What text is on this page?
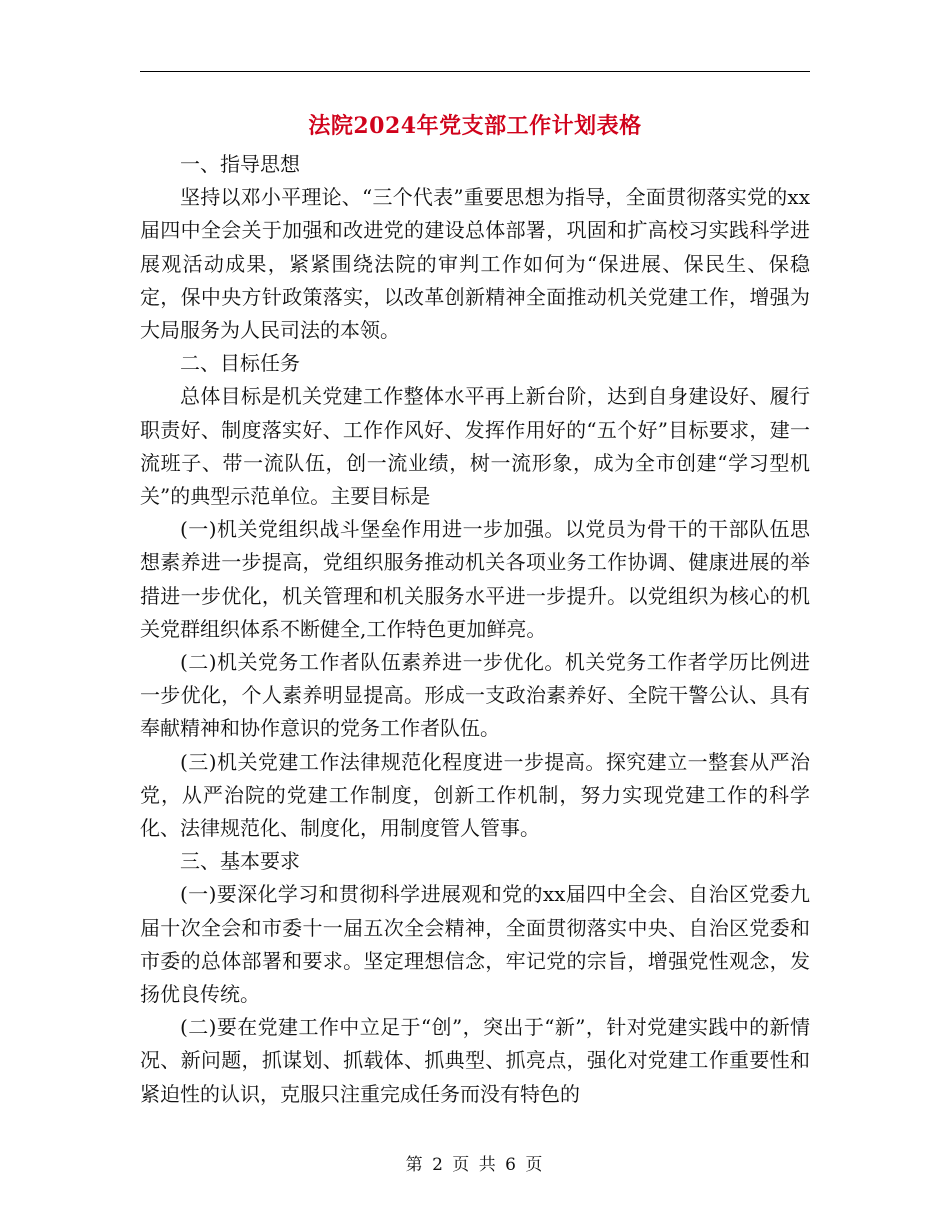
法院2024年党支部工作计划表格

一、指导思想

坚持以邓小平理论、“三个代表”重要思想为指导，全面贯彻落实党的xx届四中全会关于加强和改进党的建设总体部署，巩固和扩高校习实践科学进展观活动成果，紧紧围绕法院的审判工作如何为“保进展、保民生、保稳定，保中央方针政策落实，以改革创新精神全面推动机关党建工作，增强为大局服务为人民司法的本领。

二、目标任务

总体目标是机关党建工作整体水平再上新台阶，达到自身建设好、履行职责好、制度落实好、工作作风好、发挥作用好的“五个好”目标要求，建一流班子、带一流队伍，创一流业绩，树一流形象，成为全市创建“学习型机关”的典型示范单位。主要目标是

(一)机关党组织战斗堡垒作用进一步加强。以党员为骨干的干部队伍思想素养进一步提高，党组织服务推动机关各项业务工作协调、健康进展的举措进一步优化，机关管理和机关服务水平进一步提升。以党组织为核心的机关党群组织体系不断健全,工作特色更加鲜亮。

(二)机关党务工作者队伍素养进一步优化。机关党务工作者学历比例进一步优化，个人素养明显提高。形成一支政治素养好、全院干警公认、具有奉献精神和协作意识的党务工作者队伍。

(三)机关党建工作法律规范化程度进一步提高。探究建立一整套从严治党，从严治院的党建工作制度，创新工作机制，努力实现党建工作的科学化、法律规范化、制度化，用制度管人管事。

三、基本要求

(一)要深化学习和贯彻科学进展观和党的xx届四中全会、自治区党委九届十次全会和市委十一届五次全会精神，全面贯彻落实中央、自治区党委和市委的总体部署和要求。坚定理想信念，牢记党的宗旨，增强党性观念，发扬优良传统。

(二)要在党建工作中立足于“创”，突出于“新”，针对党建实践中的新情况、新问题，抓谋划、抓载体、抓典型、抓亮点，强化对党建工作重要性和紧迫性的认识，克服只注重完成任务而没有特色的

第 2 页 共 6 页
